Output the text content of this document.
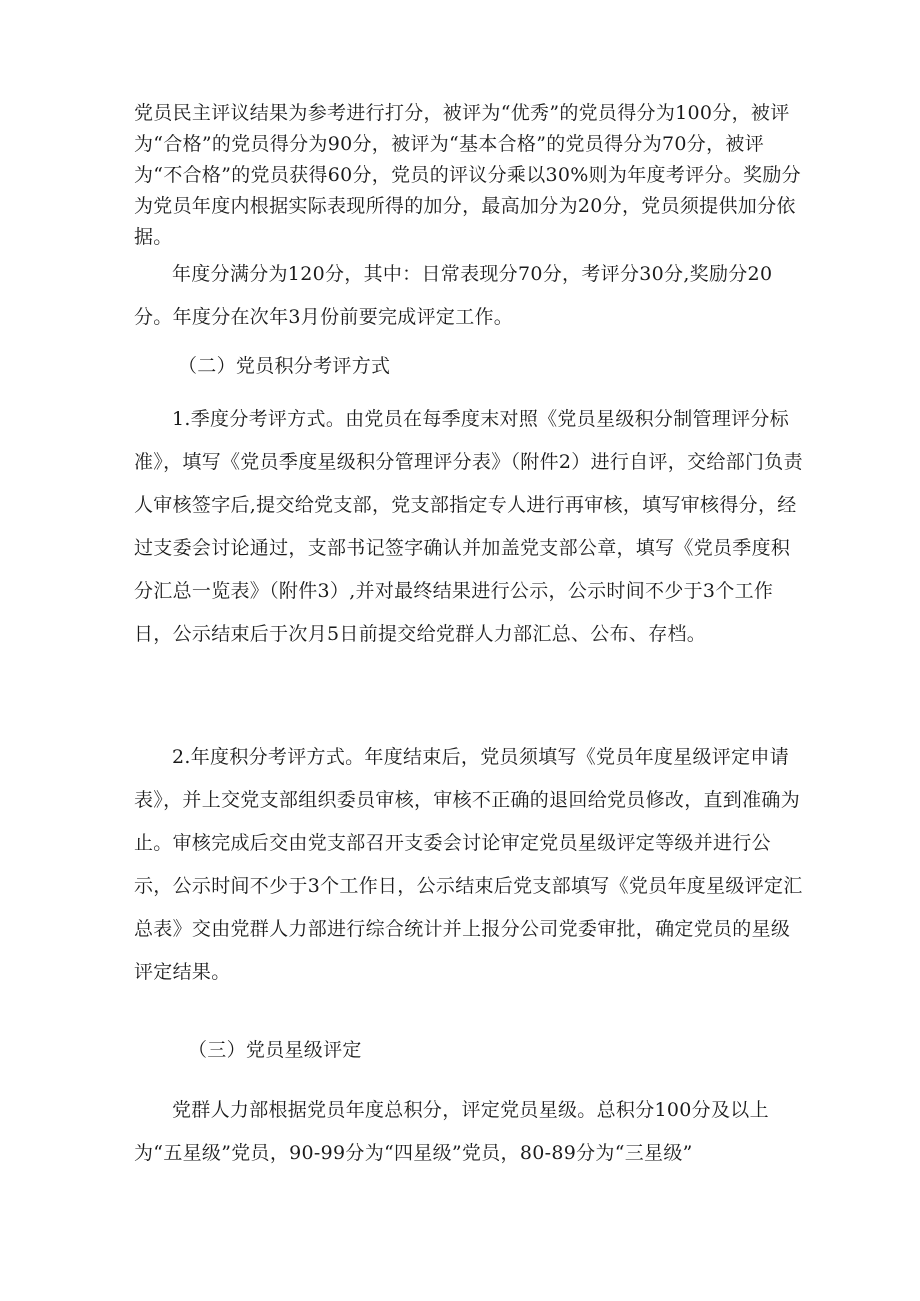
党员民主评议结果为参考进行打分，被评为“优秀”的党员得分为100分，被评为“合格”的党员得分为90分，被评为“基本合格”的党员得分为70分，被评为“不合格”的党员获得60分，党员的评议分乘以30%则为年度考评分。奖励分为党员年度内根据实际表现所得的加分，最高加分为20分，党员须提供加分依据。

年度分满分为120分，其中：日常表现分70分，考评分30分,奖励分20分。年度分在次年3月份前要完成评定工作。

（二）党员积分考评方式

1.季度分考评方式。由党员在每季度末对照《党员星级积分制管理评分标准》，填写《党员季度星级积分管理评分表》（附件2）进行自评，交给部门负责人审核签字后,提交给党支部，党支部指定专人进行再审核，填写审核得分，经过支委会讨论通过，支部书记签字确认并加盖党支部公章，填写《党员季度积分汇总一览表》（附件3）,并对最终结果进行公示，公示时间不少于3个工作日，公示结束后于次月5日前提交给党群人力部汇总、公布、存档。

2.年度积分考评方式。年度结束后，党员须填写《党员年度星级评定申请表》，并上交党支部组织委员审核，审核不正确的退回给党员修改，直到准确为止。审核完成后交由党支部召开支委会讨论审定党员星级评定等级并进行公示，公示时间不少于3个工作日，公示结束后党支部填写《党员年度星级评定汇总表》交由党群人力部进行综合统计并上报分公司党委审批，确定党员的星级评定结果。

（三）党员星级评定

党群人力部根据党员年度总积分，评定党员星级。总积分100分及以上为“五星级”党员，90-99分为“四星级”党员，80-89分为“三星级”
